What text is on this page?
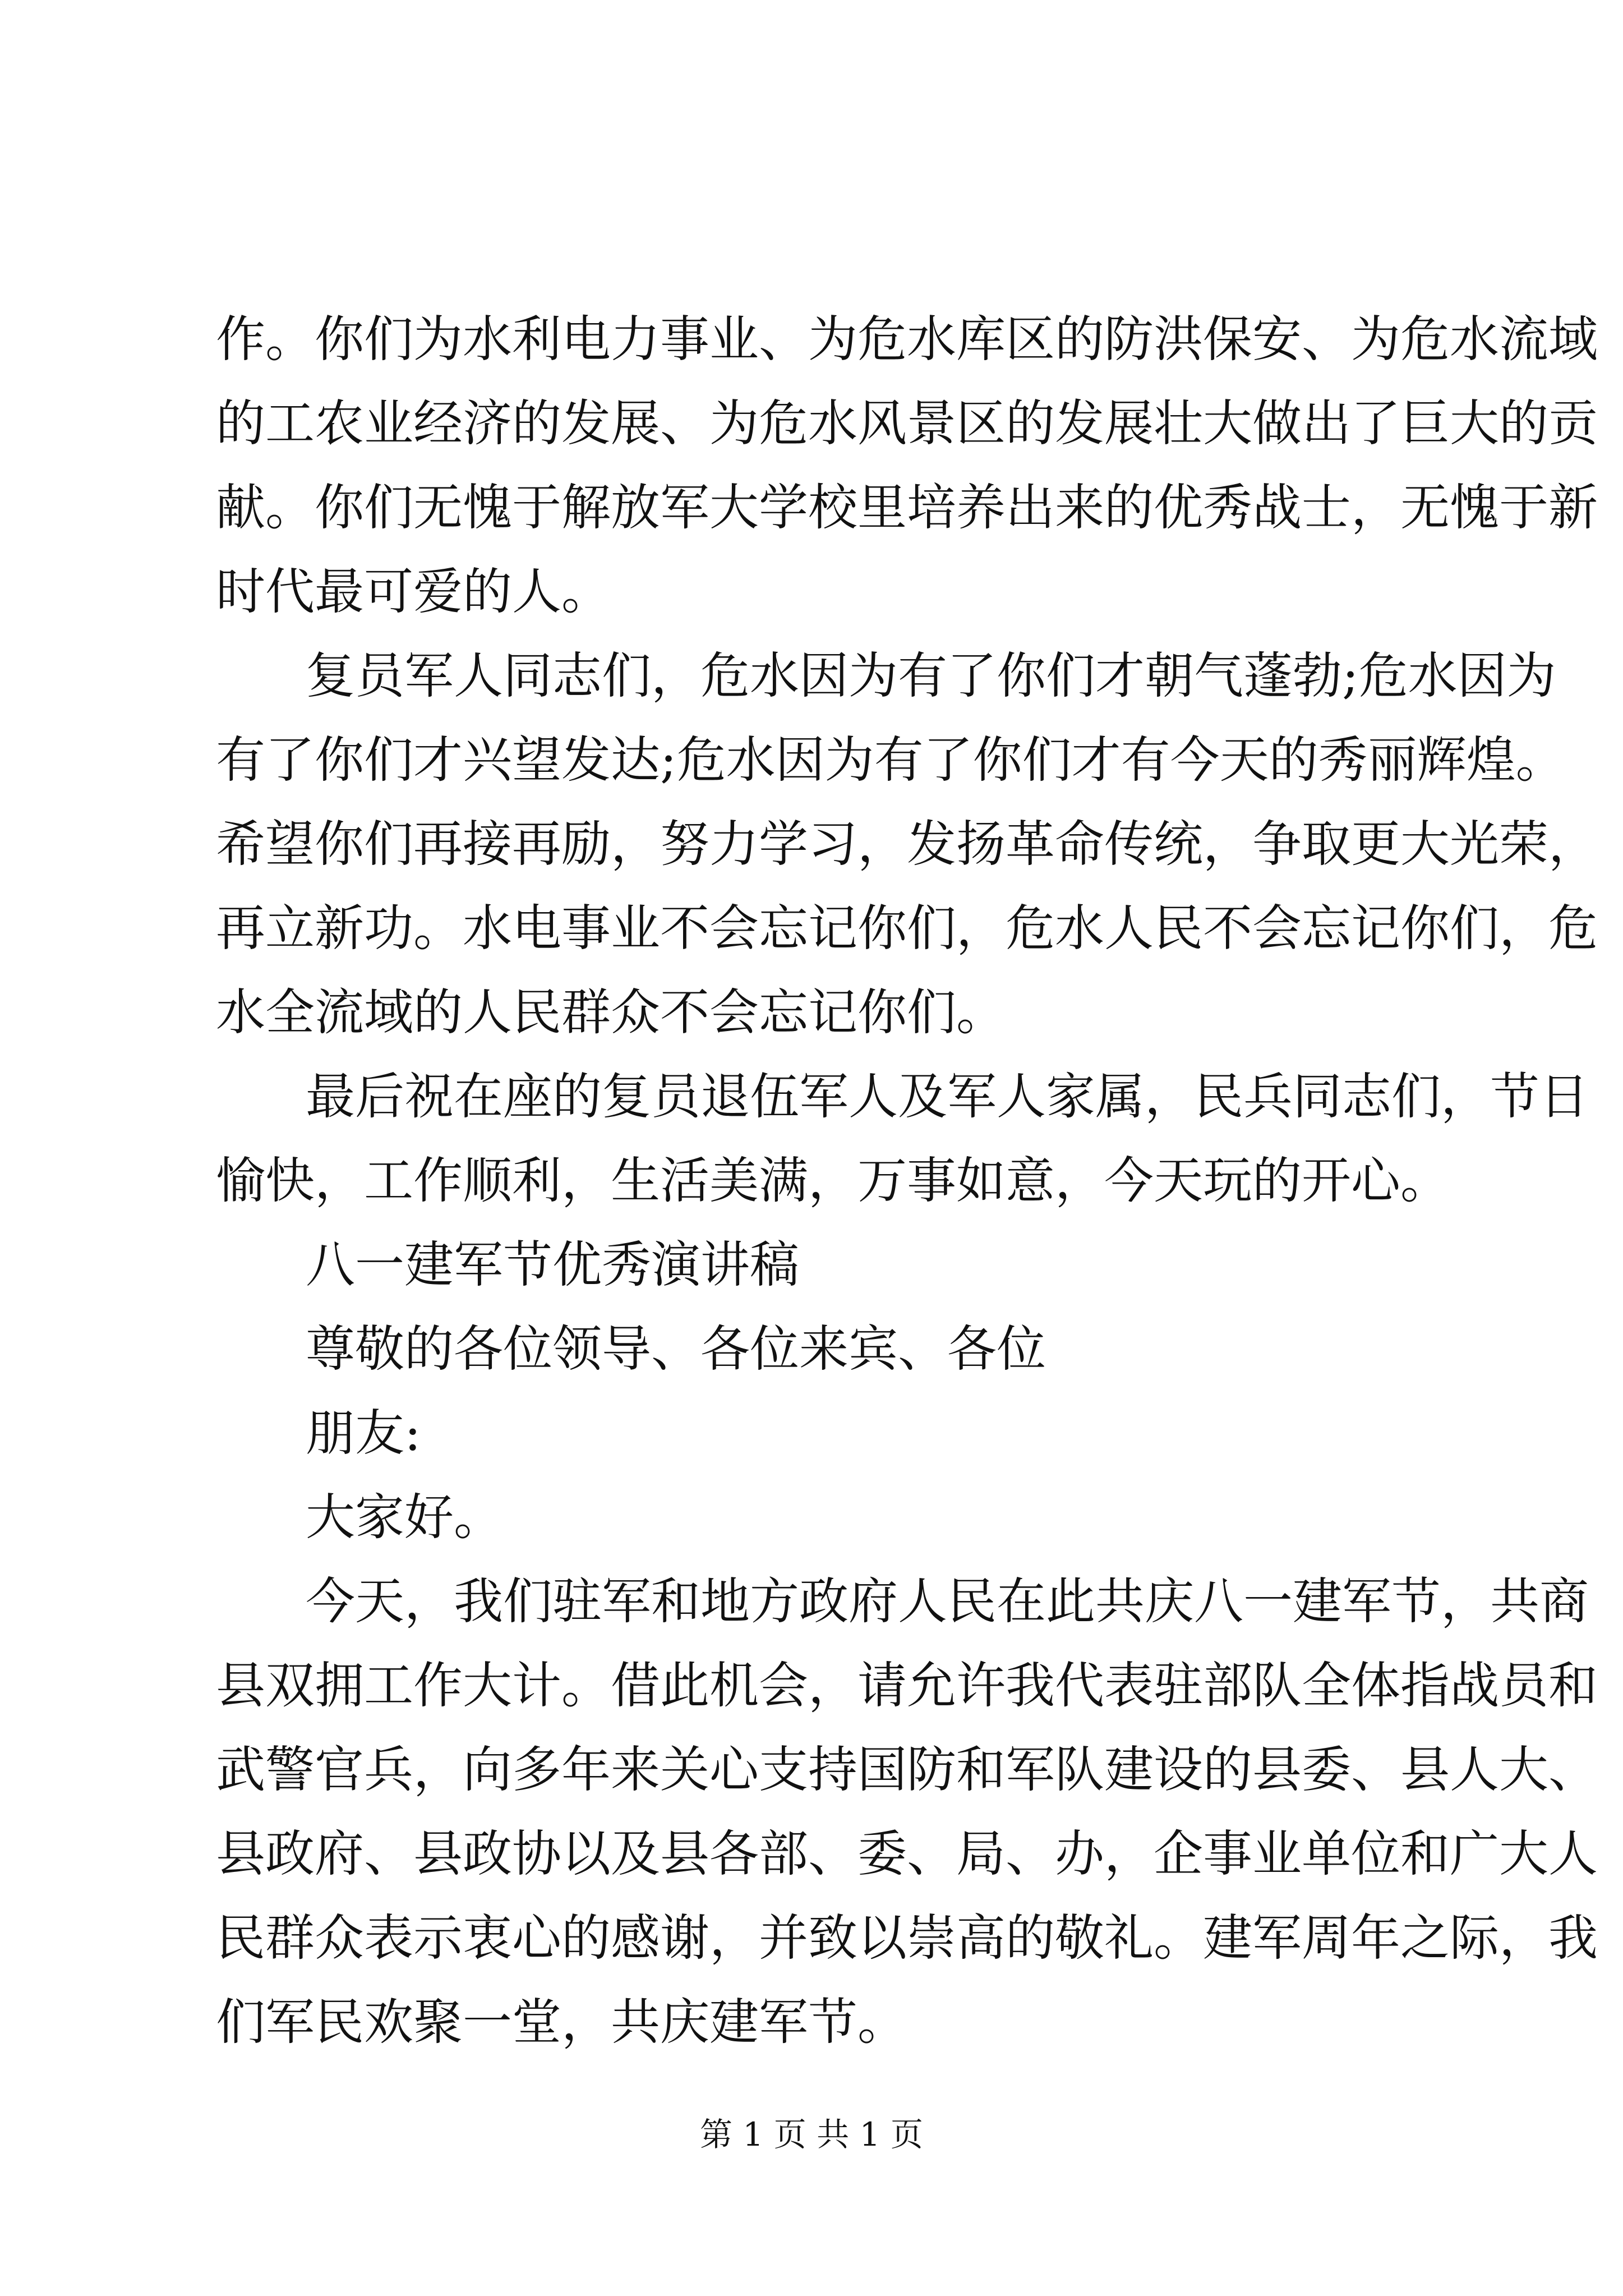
作。你们为水利电力事业、为危水库区的防洪保安、为危水流域
的工农业经济的发展、为危水风景区的发展壮大做出了巨大的贡
献。你们无愧于解放军大学校里培养出来的优秀战士，无愧于新
时代最可爱的人。
复员军人同志们，危水因为有了你们才朝气蓬勃;危水因为
有了你们才兴望发达;危水因为有了你们才有今天的秀丽辉煌。
希望你们再接再励，努力学习，发扬革命传统，争取更大光荣，
再立新功。水电事业不会忘记你们，危水人民不会忘记你们，危
水全流域的人民群众不会忘记你们。
最后祝在座的复员退伍军人及军人家属，民兵同志们，节日
愉快，工作顺利，生活美满，万事如意，今天玩的开心。
八一建军节优秀演讲稿
尊敬的各位领导、各位来宾、各位
朋友:
大家好。
今天，我们驻军和地方政府人民在此共庆八一建军节，共商
县双拥工作大计。借此机会，请允许我代表驻部队全体指战员和
武警官兵，向多年来关心支持国防和军队建设的县委、县人大、
县政府、县政协以及县各部、委、局、办，企事业单位和广大人
民群众表示衷心的感谢，并致以崇高的敬礼。建军周年之际，我
们军民欢聚一堂，共庆建军节。
第 1 页 共 1 页
